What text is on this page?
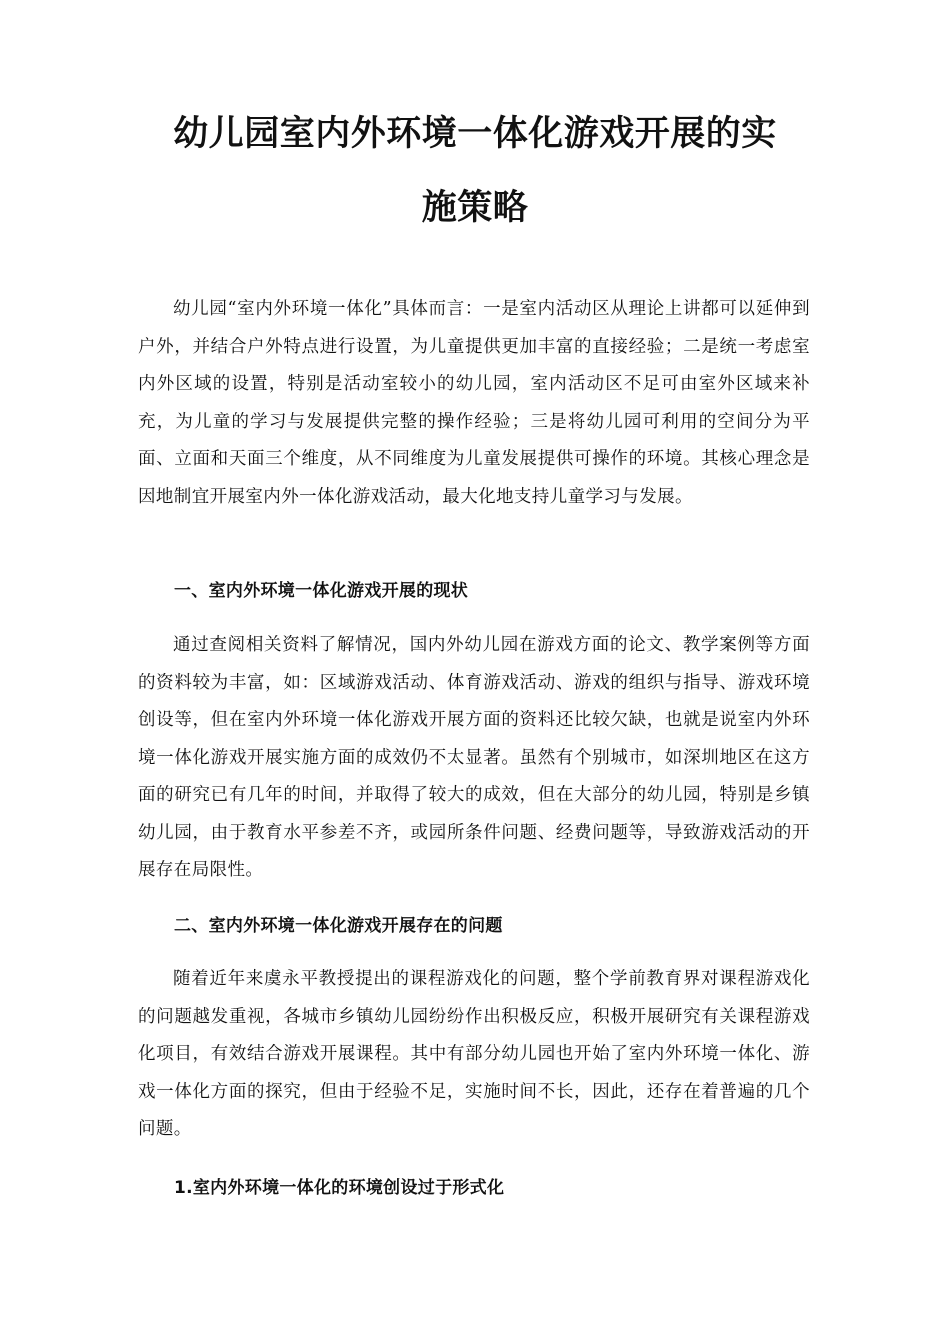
幼儿园室内外环境一体化游戏开展的实
施策略

幼儿园“室内外环境一体化”具体而言：一是室内活动区从理论上讲都可以延伸到户外，并结合户外特点进行设置，为儿童提供更加丰富的直接经验；二是统一考虑室内外区域的设置，特别是活动室较小的幼儿园，室内活动区不足可由室外区域来补充，为儿童的学习与发展提供完整的操作经验；三是将幼儿园可利用的空间分为平面、立面和天面三个维度，从不同维度为儿童发展提供可操作的环境。其核心理念是因地制宜开展室内外一体化游戏活动，最大化地支持儿童学习与发展。

一、室内外环境一体化游戏开展的现状

通过查阅相关资料了解情况，国内外幼儿园在游戏方面的论文、教学案例等方面的资料较为丰富，如：区域游戏活动、体育游戏活动、游戏的组织与指导、游戏环境创设等，但在室内外环境一体化游戏开展方面的资料还比较欠缺，也就是说室内外环境一体化游戏开展实施方面的成效仍不太显著。虽然有个别城市，如深圳地区在这方面的研究已有几年的时间，并取得了较大的成效，但在大部分的幼儿园，特别是乡镇幼儿园，由于教育水平参差不齐，或园所条件问题、经费问题等，导致游戏活动的开展存在局限性。

二、室内外环境一体化游戏开展存在的问题

随着近年来虞永平教授提出的课程游戏化的问题，整个学前教育界对课程游戏化的问题越发重视，各城市乡镇幼儿园纷纷作出积极反应，积极开展研究有关课程游戏化项目，有效结合游戏开展课程。其中有部分幼儿园也开始了室内外环境一体化、游戏一体化方面的探究，但由于经验不足，实施时间不长，因此，还存在着普遍的几个问题。

1.室内外环境一体化的环境创设过于形式化
